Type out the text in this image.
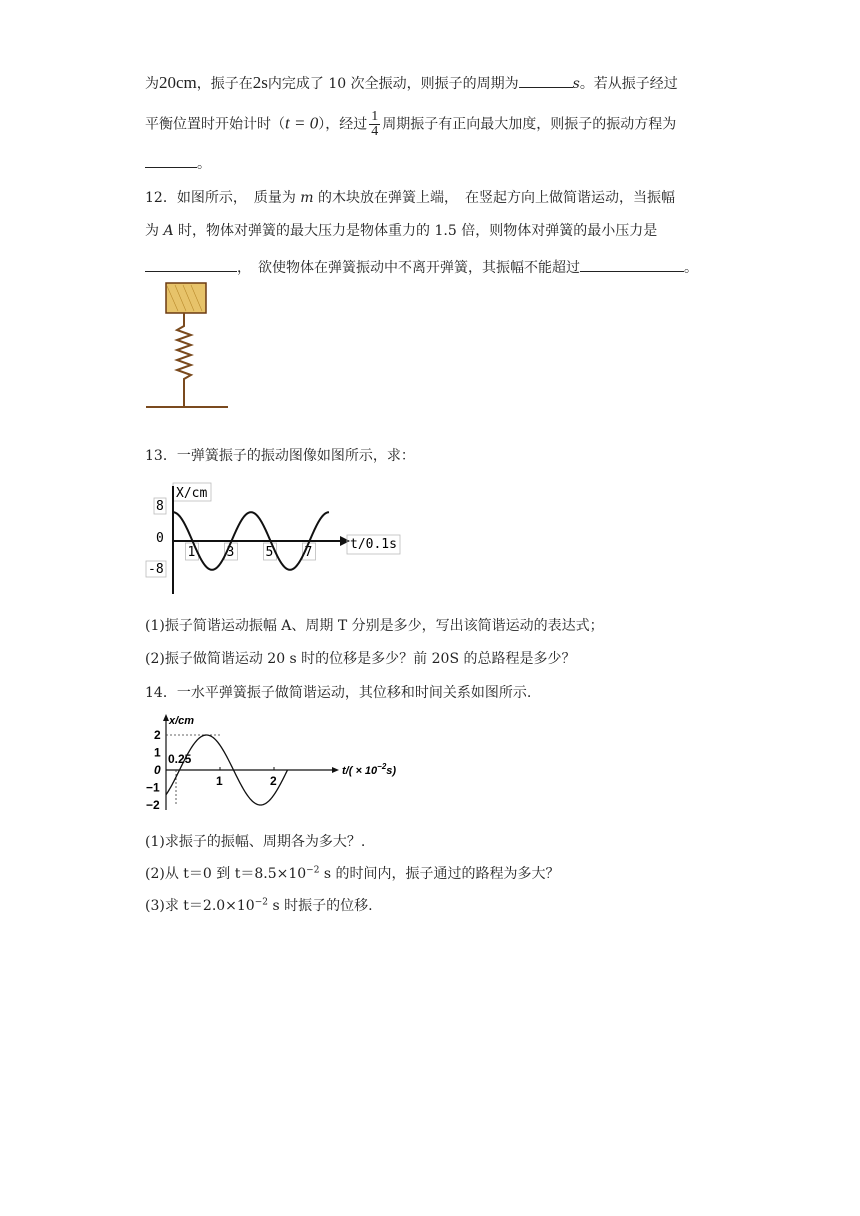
为20cm，振子在2s内完成了 10 次全振动，则振子的周期为	s。若从振子经过
平衡位置时开始计时（t = 0），经过 $\frac{1}{4}$ 周期振子有正向最大加度，则振子的振动方程为
。
12．如图所示，　质量为 m 的木块放在弹簧上端，　在竖起方向上做简谐运动，当振幅
为 A 时，物体对弹簧的最大压力是物体重力的 1.5 倍，则物体对弹簧的最小压力是
，　欲使物体在弹簧振动中不离开弹簧，其振幅不能超过	。
13．一弹簧振子的振动图像如图所示，求：
X/cm
8
0
-8
t/0.1s
1 3 5 7
(1)振子简谐运动振幅 A、周期 T 分别是多少，写出该简谐运动的表达式；
(2)振子做简谐运动 20 s 时的位移是多少？前 20S 的总路程是多少？
14．一水平弹簧振子做简谐运动，其位移和时间关系如图所示.
x/cm
2
1
0
−1
−2
$t/( \times 10^{-2}s)$
0.25
1	2
(1)求振子的振幅、周期各为多大？.
(2)从 t＝0 到 $t=8.5\times 10^{-2}$ s 的时间内，振子通过的路程为多大？
(3)求 $t=2.0\times 10^{-2}$ s 时振子的位移.
